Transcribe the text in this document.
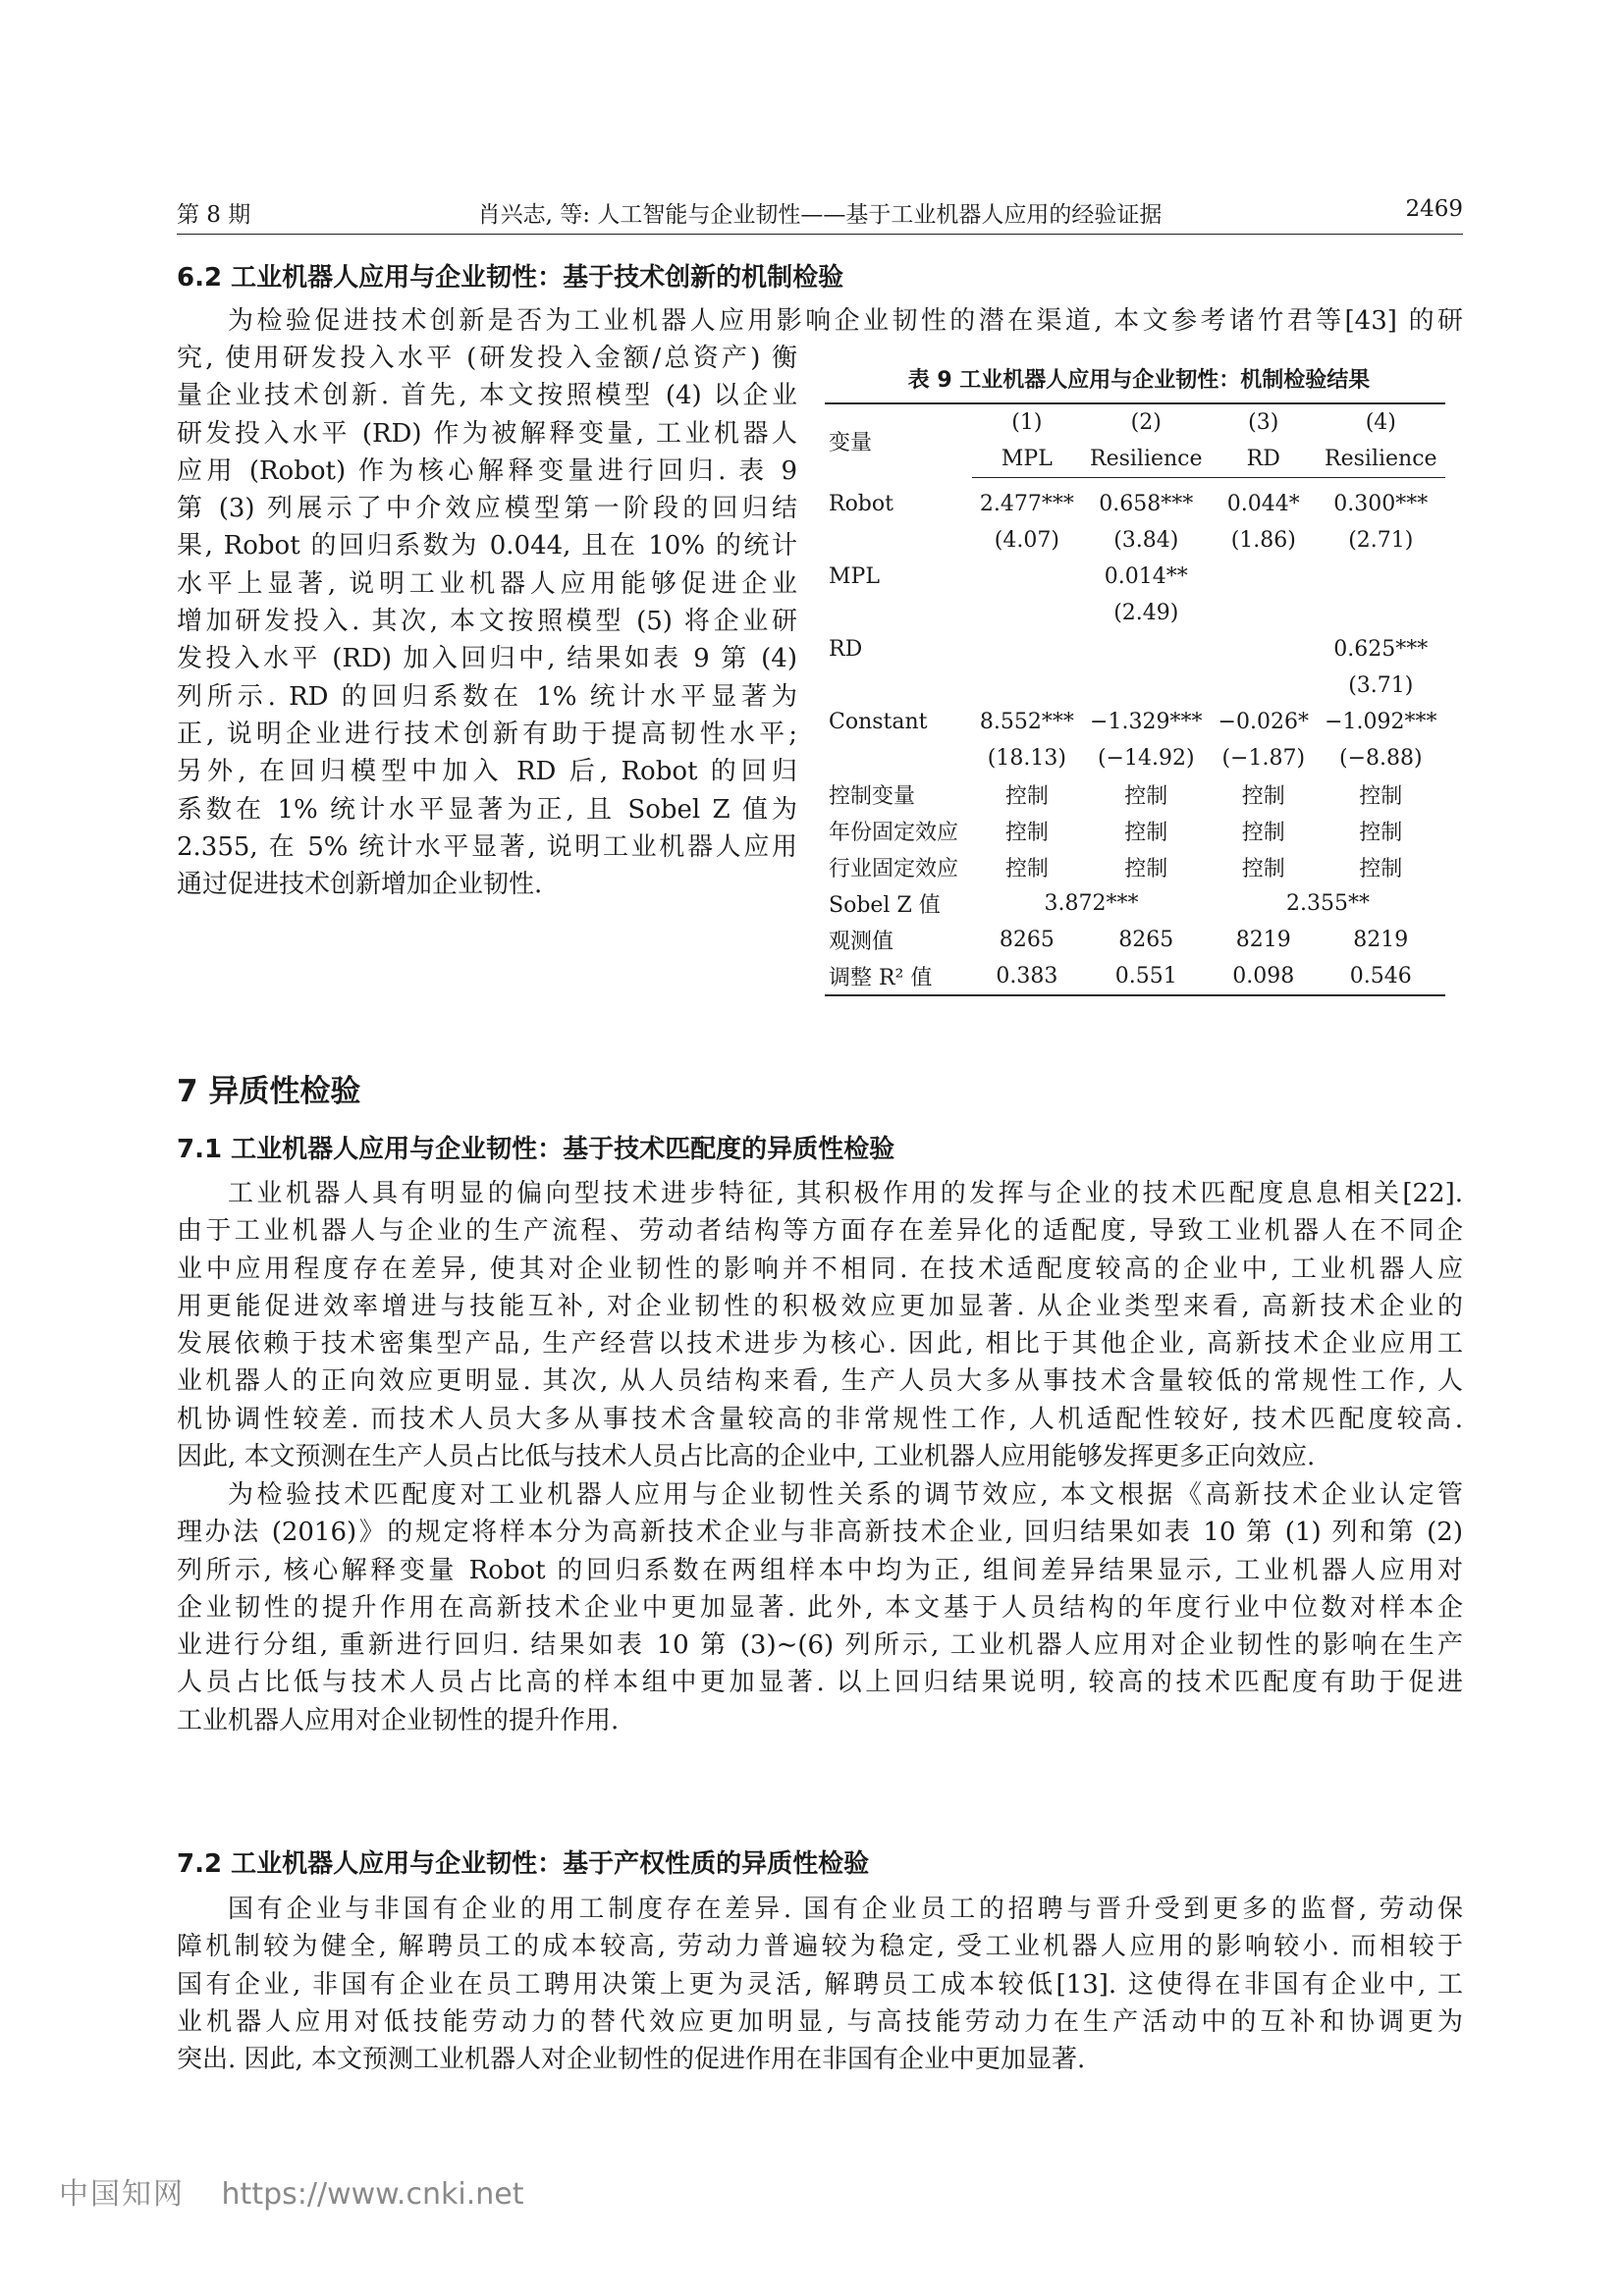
第 8 期	肖兴志, 等: 人工智能与企业韧性——基于工业机器人应用的经验证据	2469
6.2 工业机器人应用与企业韧性：基于技术创新的机制检验
为检验促进技术创新是否为工业机器人应用影响企业韧性的潜在渠道, 本文参考诸竹君等[43] 的研
究, 使用研发投入水平 (研发投入金额/总资产) 衡
量企业技术创新. 首先, 本文按照模型 (4) 以企业
研发投入水平 (RD) 作为被解释变量, 工业机器人
应用 (Robot) 作为核心解释变量进行回归. 表 9
第 (3) 列展示了中介效应模型第一阶段的回归结
果, Robot 的回归系数为 0.044, 且在 10% 的统计
水平上显著, 说明工业机器人应用能够促进企业
增加研发投入. 其次, 本文按照模型 (5) 将企业研
发投入水平 (RD) 加入回归中, 结果如表 9 第 (4)
列所示. RD 的回归系数在 1% 统计水平显著为
正, 说明企业进行技术创新有助于提高韧性水平;
另外, 在回归模型中加入 RD 后, Robot 的回归
系数在 1% 统计水平显著为正, 且 Sobel Z 值为
2.355, 在 5% 统计水平显著, 说明工业机器人应用
通过促进技术创新增加企业韧性.
表 9 工业机器人应用与企业韧性：机制检验结果
变量	(1)	(2)	(3)	(4)
	MPL	Resilience	RD	Resilience
Robot	2.477***	0.658***	0.044*	0.300***
	(4.07)	(3.84)	(1.86)	(2.71)
MPL		0.014**		
		(2.49)		
RD				0.625***
				(3.71)
Constant	8.552***	−1.329***	−0.026*	−1.092***
	(18.13)	(−14.92)	(−1.87)	(−8.88)
控制变量	控制	控制	控制	控制
年份固定效应	控制	控制	控制	控制
行业固定效应	控制	控制	控制	控制
Sobel Z 值	3.872***		2.355**	
观测值	8265	8265	8219	8219
调整 R² 值	0.383	0.551	0.098	0.546
7 异质性检验
7.1 工业机器人应用与企业韧性：基于技术匹配度的异质性检验
工业机器人具有明显的偏向型技术进步特征, 其积极作用的发挥与企业的技术匹配度息息相关[22].
由于工业机器人与企业的生产流程、劳动者结构等方面存在差异化的适配度, 导致工业机器人在不同企
业中应用程度存在差异, 使其对企业韧性的影响并不相同. 在技术适配度较高的企业中, 工业机器人应
用更能促进效率增进与技能互补, 对企业韧性的积极效应更加显著. 从企业类型来看, 高新技术企业的
发展依赖于技术密集型产品, 生产经营以技术进步为核心. 因此, 相比于其他企业, 高新技术企业应用工
业机器人的正向效应更明显. 其次, 从人员结构来看, 生产人员大多从事技术含量较低的常规性工作, 人
机协调性较差. 而技术人员大多从事技术含量较高的非常规性工作, 人机适配性较好, 技术匹配度较高.
因此, 本文预测在生产人员占比低与技术人员占比高的企业中, 工业机器人应用能够发挥更多正向效应.
为检验技术匹配度对工业机器人应用与企业韧性关系的调节效应, 本文根据《高新技术企业认定管
理办法 (2016)》的规定将样本分为高新技术企业与非高新技术企业, 回归结果如表 10 第 (1) 列和第 (2)
列所示, 核心解释变量 Robot 的回归系数在两组样本中均为正, 组间差异结果显示, 工业机器人应用对
企业韧性的提升作用在高新技术企业中更加显著. 此外, 本文基于人员结构的年度行业中位数对样本企
业进行分组, 重新进行回归. 结果如表 10 第 (3)∼(6) 列所示, 工业机器人应用对企业韧性的影响在生产
人员占比低与技术人员占比高的样本组中更加显著. 以上回归结果说明, 较高的技术匹配度有助于促进
工业机器人应用对企业韧性的提升作用.
7.2 工业机器人应用与企业韧性：基于产权性质的异质性检验
国有企业与非国有企业的用工制度存在差异. 国有企业员工的招聘与晋升受到更多的监督, 劳动保
障机制较为健全, 解聘员工的成本较高, 劳动力普遍较为稳定, 受工业机器人应用的影响较小. 而相较于
国有企业, 非国有企业在员工聘用决策上更为灵活, 解聘员工成本较低[13]. 这使得在非国有企业中, 工
业机器人应用对低技能劳动力的替代效应更加明显, 与高技能劳动力在生产活动中的互补和协调更为
突出. 因此, 本文预测工业机器人对企业韧性的促进作用在非国有企业中更加显著.
中国知网 https://www.cnki.net
